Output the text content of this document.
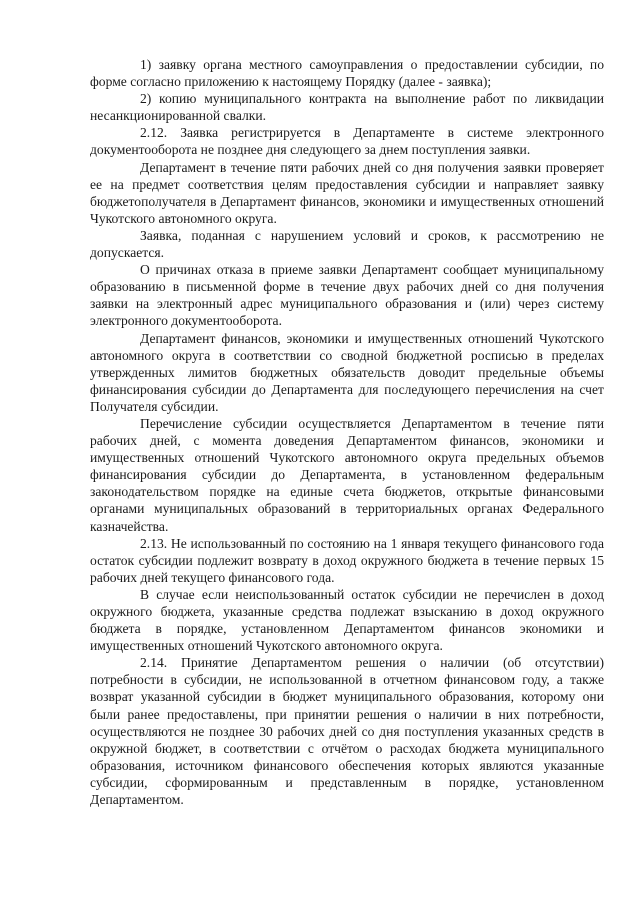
1) заявку органа местного самоуправления о предоставлении субсидии, по форме согласно приложению к настоящему Порядку (далее - заявка);

2) копию муниципального контракта на выполнение работ по ликвидации несанкционированной свалки.

2.12. Заявка регистрируется в Департаменте в системе электронного документооборота не позднее дня следующего за днем поступления заявки.

Департамент в течение пяти рабочих дней со дня получения заявки проверяет ее на предмет соответствия целям предоставления субсидии и направляет заявку бюджетополучателя в Департамент финансов, экономики и имущественных отношений Чукотского автономного округа.

Заявка, поданная с нарушением условий и сроков, к рассмотрению не допускается.

О причинах отказа в приеме заявки Департамент сообщает муниципальному образованию в письменной форме в течение двух рабочих дней со дня получения заявки на электронный адрес муниципального образования и (или) через систему электронного документооборота.

Департамент финансов, экономики и имущественных отношений Чукотского автономного округа в соответствии со сводной бюджетной росписью в пределах утвержденных лимитов бюджетных обязательств доводит предельные объемы финансирования субсидии до Департамента для последующего перечисления на счет Получателя субсидии.

Перечисление субсидии осуществляется Департаментом в течение пяти рабочих дней, с момента доведения Департаментом финансов, экономики и имущественных отношений Чукотского автономного округа предельных объемов финансирования субсидии до Департамента, в установленном федеральным законодательством порядке на единые счета бюджетов, открытые финансовыми органами муниципальных образований в территориальных органах Федерального казначейства.

2.13. Не использованный по состоянию на 1 января текущего финансового года остаток субсидии подлежит возврату в доход окружного бюджета в течение первых 15 рабочих дней текущего финансового года.

В случае если неиспользованный остаток субсидии не перечислен в доход окружного бюджета, указанные средства подлежат взысканию в доход окружного бюджета в порядке, установленном Департаментом финансов экономики и имущественных отношений Чукотского автономного округа.

2.14. Принятие Департаментом решения о наличии (об отсутствии) потребности в субсидии, не использованной в отчетном финансовом году, а также возврат указанной субсидии в бюджет муниципального образования, которому они были ранее предоставлены, при принятии решения о наличии в них потребности, осуществляются не позднее 30 рабочих дней со дня поступления указанных средств в окружной бюджет, в соответствии с отчётом о расходах бюджета муниципального образования, источником финансового обеспечения которых являются указанные субсидии, сформированным и представленным в порядке, установленном Департаментом.
